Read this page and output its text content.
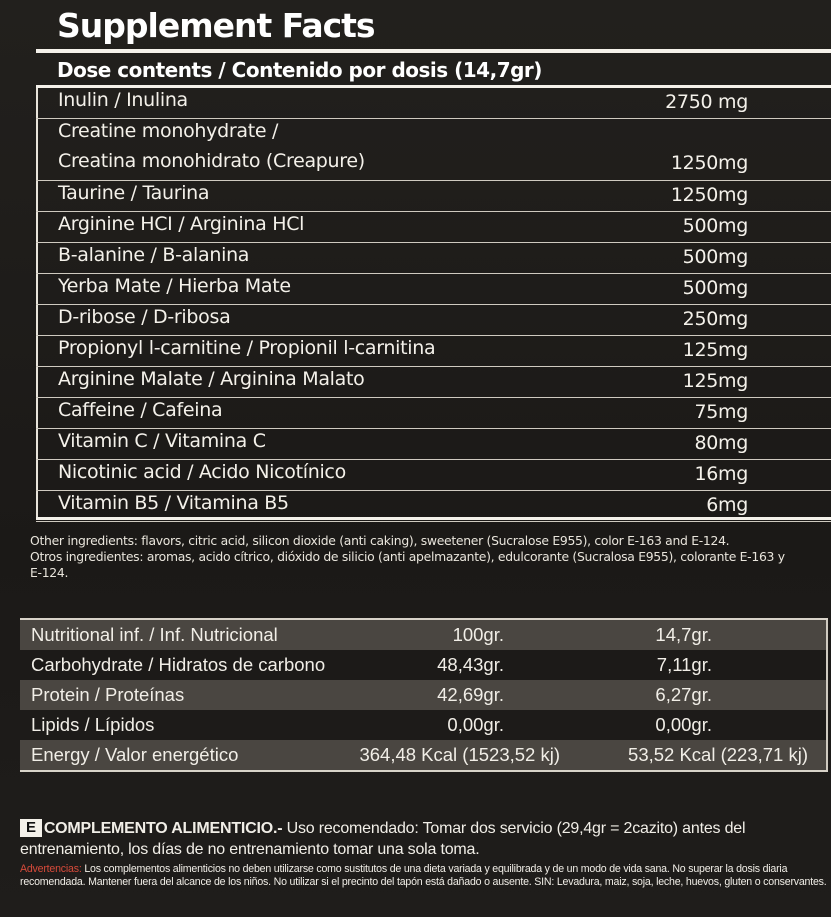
Supplement Facts
Dose contents / Contenido por dosis (14,7gr)
Inulin / Inulina	2750 mg
Creatine monohydrate /
Creatina monohidrato (Creapure)	1250mg
Taurine / Taurina	1250mg
Arginine HCI / Arginina HCl	500mg
B-alanine / B-alanina	500mg
Yerba Mate / Hierba Mate	500mg
D-ribose / D-ribosa	250mg
Propionyl l-carnitine / Propionil l-carnitina	125mg
Arginine Malate / Arginina Malato	125mg
Caffeine / Cafeina	75mg
Vitamin C / Vitamina C	80mg
Nicotinic acid / Acido Nicotínico	16mg
Vitamin B5 / Vitamina B5	6mg

Other ingredients: flavors, citric acid, silicon dioxide (anti caking), sweetener (Sucralose E955), color E-163 and E-124.

Otros ingredientes: aromas, acido cítrico, dióxido de silicio (anti apelmazante), edulcorante (Sucralosa E955), colorante E-163 y E-124.

Nutritional inf. / Inf. Nutricional	100gr.	14,7gr.
Carbohydrate / Hidratos de carbono	48,43gr.	7,11gr.
Protein / Proteínas	42,69gr.	6,27gr.
Lipids / Lípidos	0,00gr.	0,00gr.
Energy / Valor energético	364,48 Kcal (1523,52 kj)	53,52 Kcal (223,71 kj)
E COMPLEMENTO ALIMENTICIO.- Uso recomendado: Tomar dos servicio (29,4gr = 2cazito) antes del entrenamiento, los días de no entrenamiento tomar una sola toma.
Advertencias: Los complementos alimenticios no deben utilizarse como sustitutos de una dieta variada y equilibrada y de un modo de vida sana. No superar la dosis diaria recomendada. Mantener fuera del alcance de los niños. No utilizar si el precinto del tapón está dañado o ausente. SIN: Levadura, maiz, soja, leche, huevos, gluten o conservantes.
